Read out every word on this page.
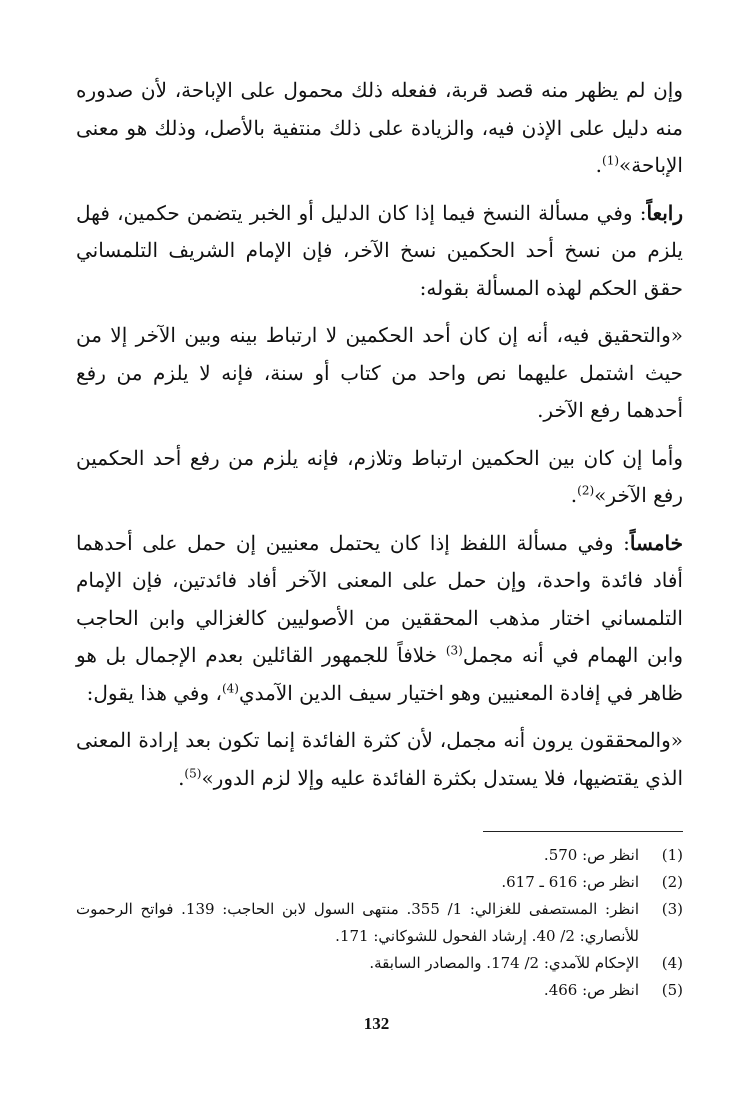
وإن لم يظهر منه قصد قربة، ففعله ذلك محمول على الإباحة، لأن صدوره منه دليل على الإذن فيه، والزيادة على ذلك منتفية بالأصل، وذلك هو معنى الإباحة»$^{(1)}$.

رابعاً: وفي مسألة النسخ فيما إذا كان الدليل أو الخبر يتضمن حكمين، فهل يلزم من نسخ أحد الحكمين نسخ الآخر، فإن الإمام الشريف التلمساني حقق الحكم لهذه المسألة بقوله:

«والتحقيق فيه، أنه إن كان أحد الحكمين لا ارتباط بينه وبين الآخر إلا من حيث اشتمل عليهما نص واحد من كتاب أو سنة، فإنه لا يلزم من رفع أحدهما رفع الآخر.

وأما إن كان بين الحكمين ارتباط وتلازم، فإنه يلزم من رفع أحد الحكمين رفع الآخر»$^{(2)}$.

خامساً: وفي مسألة اللفظ إذا كان يحتمل معنيين إن حمل على أحدهما أفاد فائدة واحدة، وإن حمل على المعنى الآخر أفاد فائدتين، فإن الإمام التلمساني اختار مذهب المحققين من الأصوليين كالغزالي وابن الحاجب وابن الهمام في أنه مجمل$^{(3)}$ خلافاً للجمهور القائلين بعدم الإجمال بل هو ظاهر في إفادة المعنيين وهو اختيار سيف الدين الآمدي$^{(4)}$، وفي هذا يقول:

«والمحققون يرون أنه مجمل، لأن كثرة الفائدة إنما تكون بعد إرادة المعنى الذي يقتضيها، فلا يستدل بكثرة الفائدة عليه وإلا لزم الدور»$^{(5)}$.

(1)
انظر ص: 570.
(2)
انظر ص: 616 ـ 617.
(3)
انظر: المستصفى للغزالي: 1/ 355. منتهى السول لابن الحاجب: 139. فواتح الرحموت للأنصاري: 2/ 40. إرشاد الفحول للشوكاني: 171.
(4)
الإحكام للآمدي: 2/ 174. والمصادر السابقة.
(5)
انظر ص: 466.
132
